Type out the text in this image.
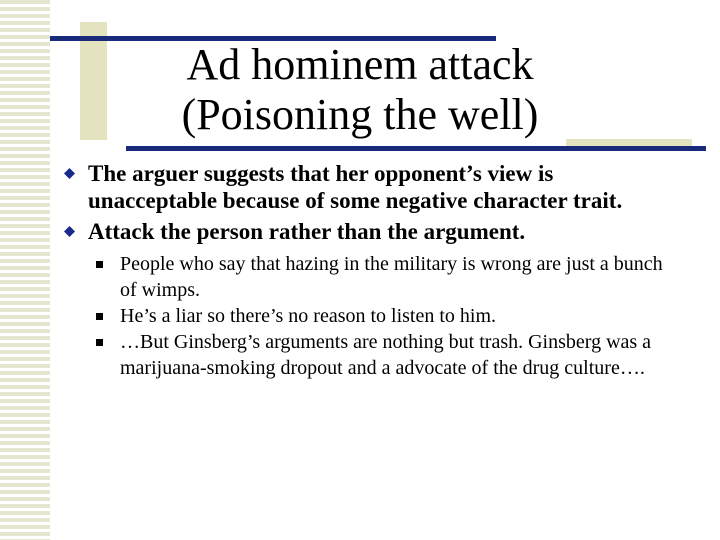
Ad hominem attack
(Poisoning the well)
The arguer suggests that her opponent’s view is unacceptable because of some negative character trait.
Attack the person rather than the argument.
People who say that hazing in the military is wrong are just a bunch of wimps.
He’s a liar so there’s no reason to listen to him.
…But Ginsberg’s arguments are nothing but trash. Ginsberg was a marijuana-smoking dropout and a advocate of the drug culture….
